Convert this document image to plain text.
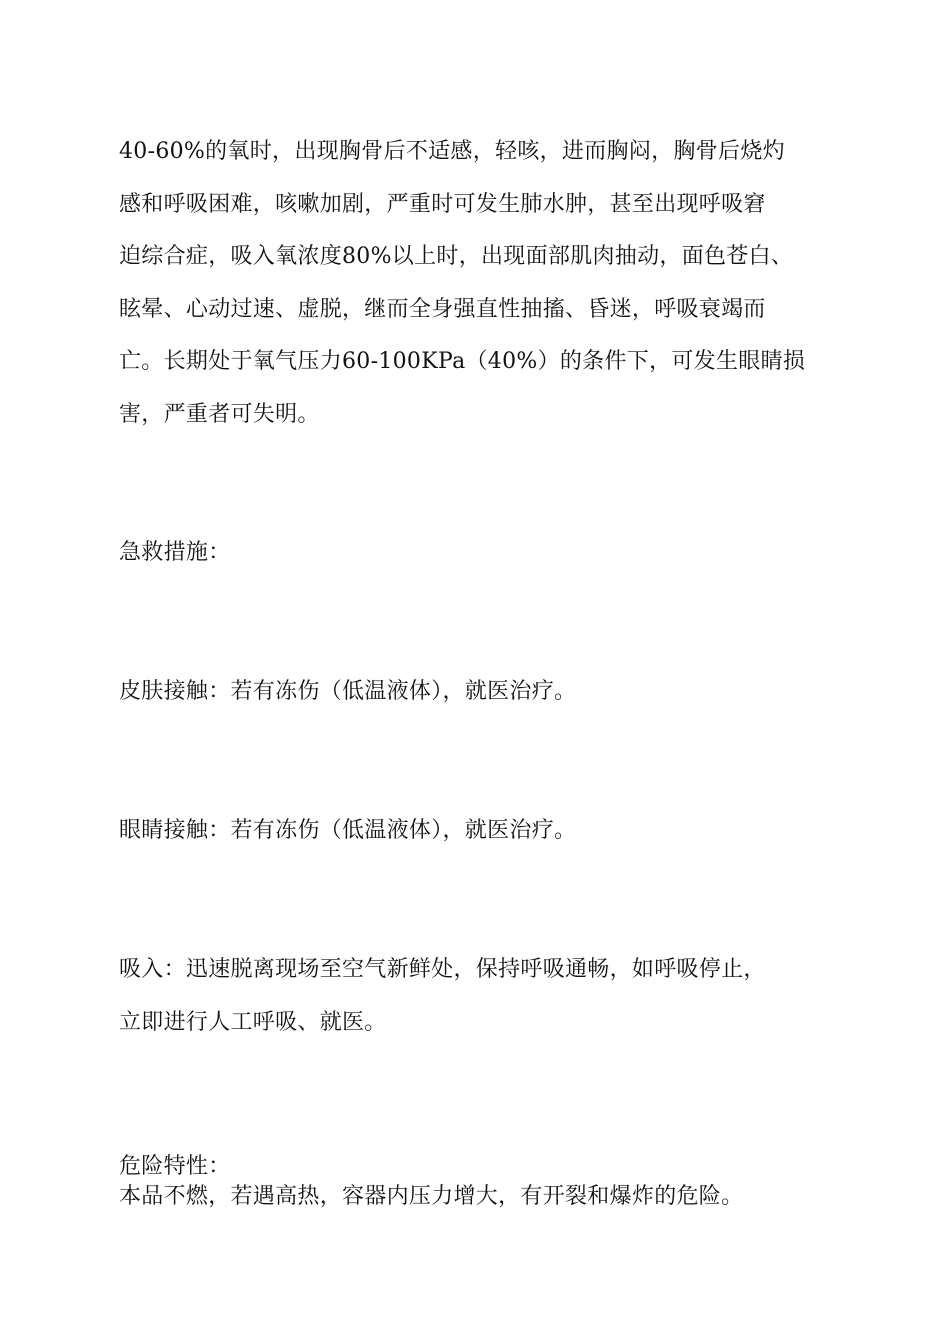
40-60%的氧时，出现胸骨后不适感，轻咳，进而胸闷，胸骨后烧灼
感和呼吸困难，咳嗽加剧，严重时可发生肺水肿，甚至出现呼吸窘
迫综合症，吸入氧浓度80%以上时，出现面部肌肉抽动，面色苍白、
眩晕、心动过速、虚脱，继而全身强直性抽搐、昏迷，呼吸衰竭而
亡。长期处于氧气压力60-100KPa（40%）的条件下，可发生眼睛损
害，严重者可失明。

急救措施：

皮肤接触：若有冻伤（低温液体），就医治疗。

眼睛接触：若有冻伤（低温液体），就医治疗。

吸入：迅速脱离现场至空气新鲜处，保持呼吸通畅，如呼吸停止，
立即进行人工呼吸、就医。

危险特性：

本品不燃，若遇高热，容器内压力增大，有开裂和爆炸的危险。
